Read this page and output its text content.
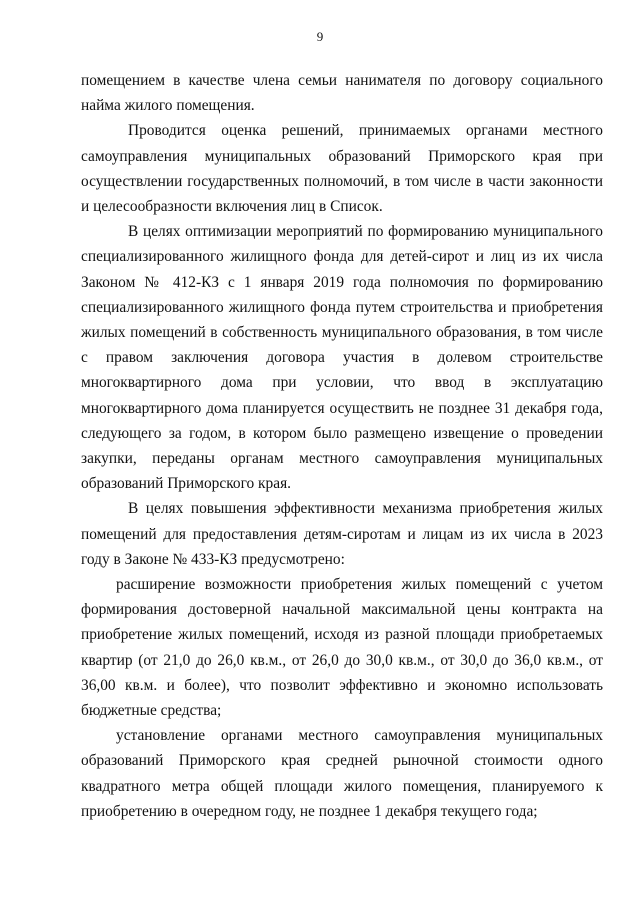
9

помещением в качестве члена семьи нанимателя по договору социального найма жилого помещения.

Проводится оценка решений, принимаемых органами местного самоуправления муниципальных образований Приморского края при осуществлении государственных полномочий, в том числе в части законности и целесообразности включения лиц в Список.

В целях оптимизации мероприятий по формированию муниципального специализированного жилищного фонда для детей-сирот и лиц из их числа Законом № 412-КЗ с 1 января 2019 года полномочия по формированию специализированного жилищного фонда путем строительства и приобретения жилых помещений в собственность муниципального образования, в том числе с правом заключения договора участия в долевом строительстве многоквартирного дома при условии, что ввод в эксплуатацию многоквартирного дома планируется осуществить не позднее 31 декабря года, следующего за годом, в котором было размещено извещение о проведении закупки, переданы органам местного самоуправления муниципальных образований Приморского края.

В целях повышения эффективности механизма приобретения жилых помещений для предоставления детям-сиротам и лицам из их числа в 2023 году в Законе № 433-КЗ предусмотрено:

расширение возможности приобретения жилых помещений с учетом формирования достоверной начальной максимальной цены контракта на приобретение жилых помещений, исходя из разной площади приобретаемых квартир (от 21,0 до 26,0 кв.м., от 26,0 до 30,0 кв.м., от 30,0 до 36,0 кв.м., от 36,00 кв.м. и более), что позволит эффективно и экономно использовать бюджетные средства;

установление органами местного самоуправления муниципальных образований Приморского края средней рыночной стоимости одного квадратного метра общей площади жилого помещения, планируемого к приобретению в очередном году, не позднее 1 декабря текущего года;
